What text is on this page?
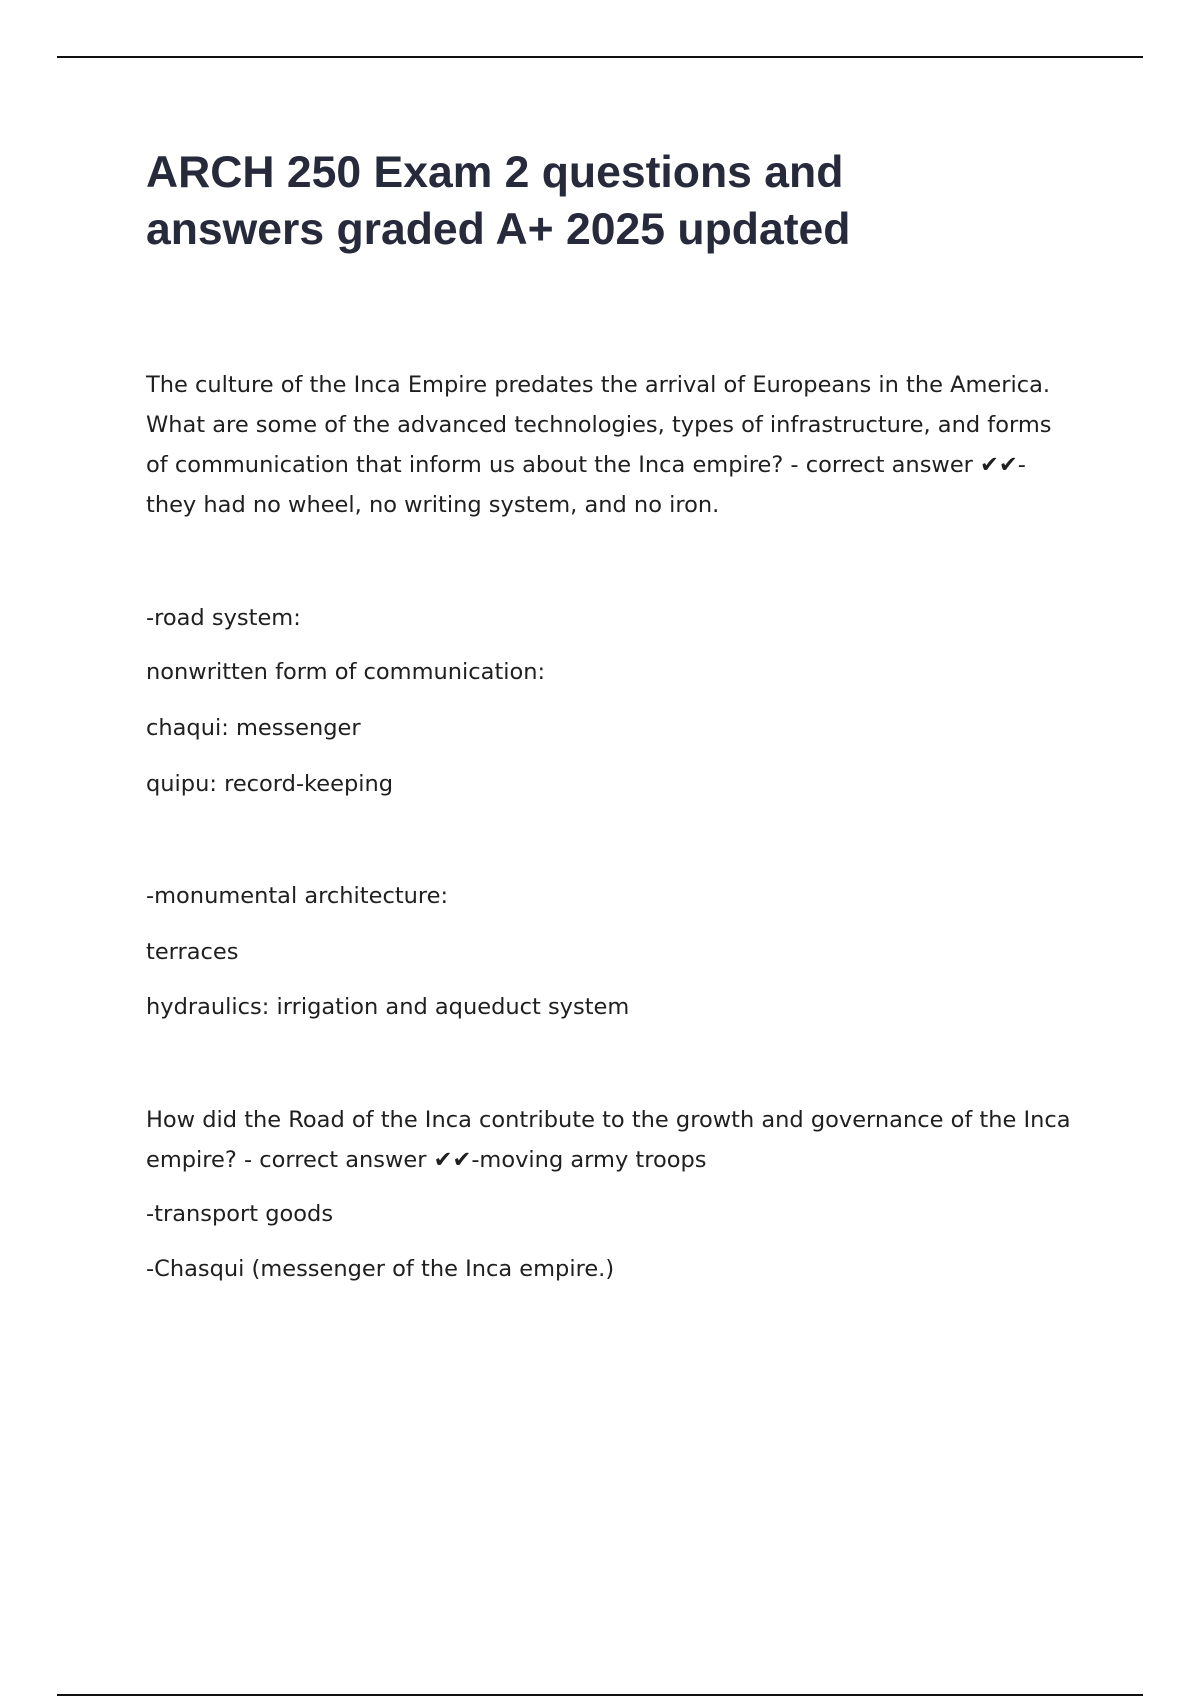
ARCH 250 Exam 2 questions and
answers graded A+ 2025 updated
The culture of the Inca Empire predates the arrival of Europeans in the America.
What are some of the advanced technologies, types of infrastructure, and forms
of communication that inform us about the Inca empire? - correct answer ✔✔-
they had no wheel, no writing system, and no iron.
-road system:
nonwritten form of communication:
chaqui: messenger
quipu: record-keeping
-monumental architecture:
terraces
hydraulics: irrigation and aqueduct system
How did the Road of the Inca contribute to the growth and governance of the Inca
empire? - correct answer ✔✔-moving army troops
-transport goods
-Chasqui (messenger of the Inca empire.)
